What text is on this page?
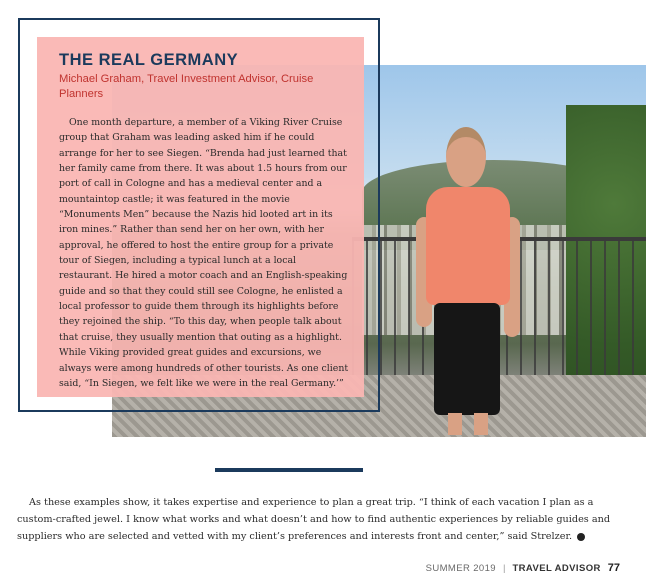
THE REAL GERMANY

Michael Graham, Travel Investment Advisor, Cruise Planners

One month departure, a member of a Viking River Cruise group that Graham was leading asked him if he could arrange for her to see Siegen. “Brenda had just learned that her family came from there. It was about 1.5 hours from our port of call in Cologne and has a medieval center and a mountaintop castle; it was featured in the movie “Monuments Men” because the Nazis hid looted art in its iron mines.” Rather than send her on her own, with her approval, he offered to host the entire group for a private tour of Siegen, including a typical lunch at a local restaurant. He hired a motor coach and an English-speaking guide and so that they could still see Cologne, he enlisted a local professor to guide them through its highlights before they rejoined the ship. “To this day, when people talk about that cruise, they usually mention that outing as a highlight. While Viking provided great guides and excursions, we always were among hundreds of other tourists. As one client said, “In Siegen, we felt like we were in the real Germany.’”

As these examples show, it takes expertise and experience to plan a great trip. “I think of each vacation I plan as a custom-crafted jewel. I know what works and what doesn’t and how to find authentic experiences by reliable guides and suppliers who are selected and vetted with my client’s preferences and interests front and center,” said Strelzer.

SUMMER 2019 | TRAVEL ADVISOR 77
